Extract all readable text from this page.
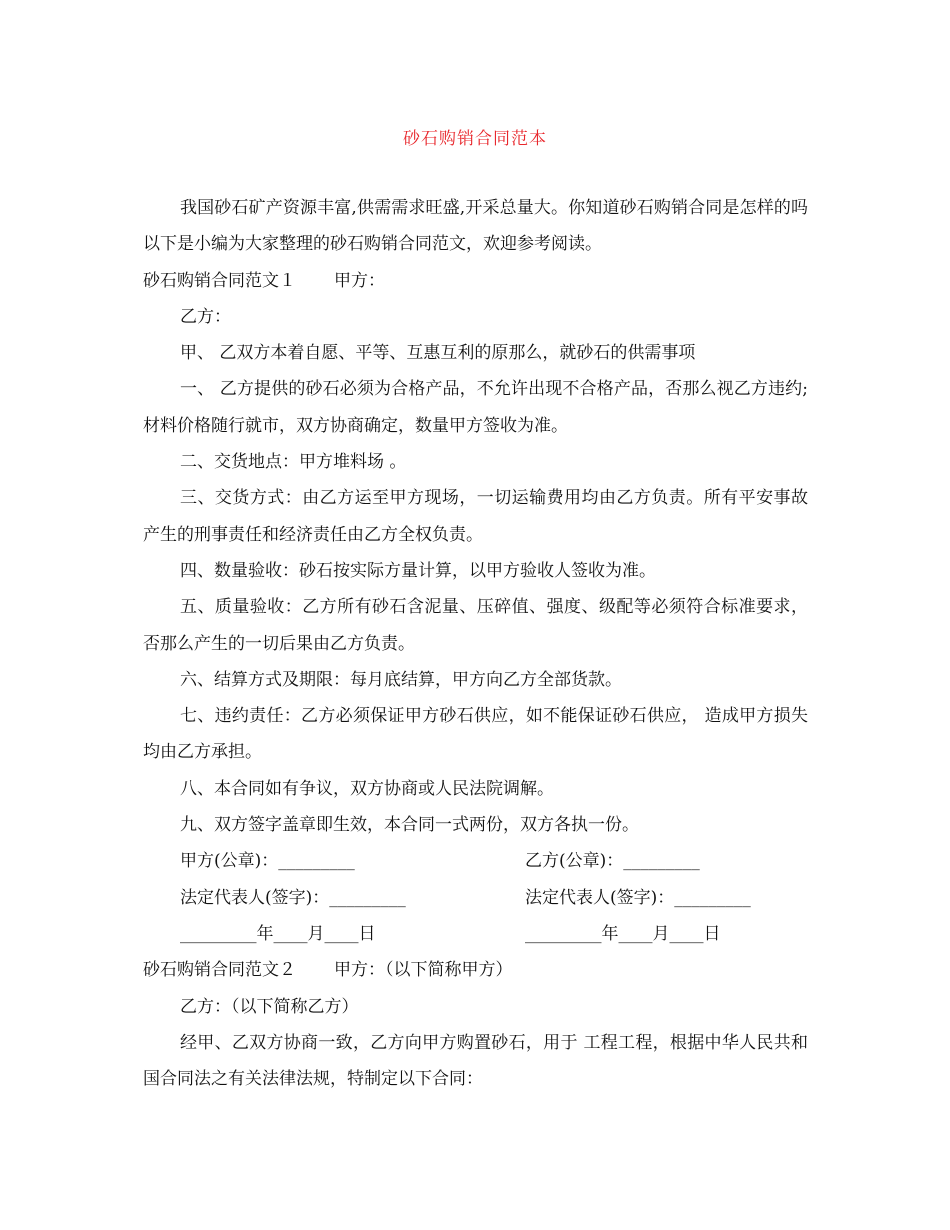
砂石购销合同范本

我国砂石矿产资源丰富,供需需求旺盛,开采总量大。你知道砂石购销合同是怎样的吗以下是小编为大家整理的砂石购销合同范文，欢迎参考阅读。

砂石购销合同范文１ 甲方：

乙方：

甲、 乙双方本着自愿、平等、互惠互利的原那么，就砂石的供需事项

一、 乙方提供的砂石必须为合格产品，不允许出现不合格产品，否那么视乙方违约;材料价格随行就市，双方协商确定，数量甲方签收为准。

二、交货地点：甲方堆料场 。

三、交货方式：由乙方运至甲方现场，一切运输费用均由乙方负责。所有平安事故产生的刑事责任和经济责任由乙方全权负责。

四、数量验收：砂石按实际方量计算，以甲方验收人签收为准。

五、质量验收：乙方所有砂石含泥量、压碎值、强度、级配等必须符合标准要求，否那么产生的一切后果由乙方负责。

六、结算方式及期限：每月底结算，甲方向乙方全部货款。

七、违约责任：乙方必须保证甲方砂石供应，如不能保证砂石供应， 造成甲方损失均由乙方承担。

八、本合同如有争议，双方协商或人民法院调解。

九、双方签字盖章即生效，本合同一式两份，双方各执一份。

甲方(公章)：_________	乙方(公章)：_________
法定代表人(签字)：_________	法定代表人(签字)：_________
_________年____月____日	_________年____月____日

砂石购销合同范文２ 甲方：（以下简称甲方）

乙方：（以下简称乙方）

经甲、乙双方协商一致，乙方向甲方购置砂石，用于 工程工程，根据中华人民共和国合同法之有关法律法规，特制定以下合同：
